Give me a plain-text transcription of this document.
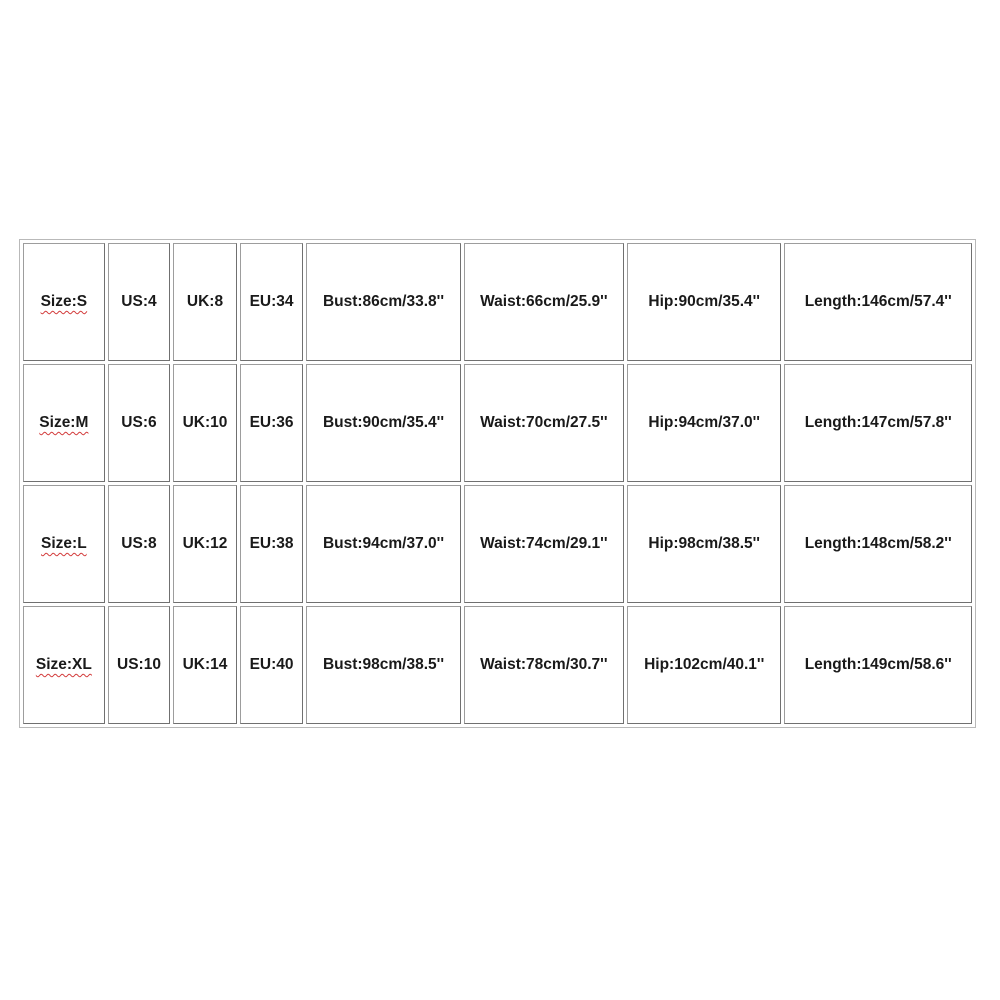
Size:S	US:4	UK:8	EU:34	Bust:86cm/33.8''	Waist:66cm/25.9''	Hip:90cm/35.4''	Length:146cm/57.4''
Size:M	US:6	UK:10	EU:36	Bust:90cm/35.4''	Waist:70cm/27.5''	Hip:94cm/37.0''	Length:147cm/57.8''
Size:L	US:8	UK:12	EU:38	Bust:94cm/37.0''	Waist:74cm/29.1''	Hip:98cm/38.5''	Length:148cm/58.2''
Size:XL	US:10	UK:14	EU:40	Bust:98cm/38.5''	Waist:78cm/30.7''	Hip:102cm/40.1''	Length:149cm/58.6''
